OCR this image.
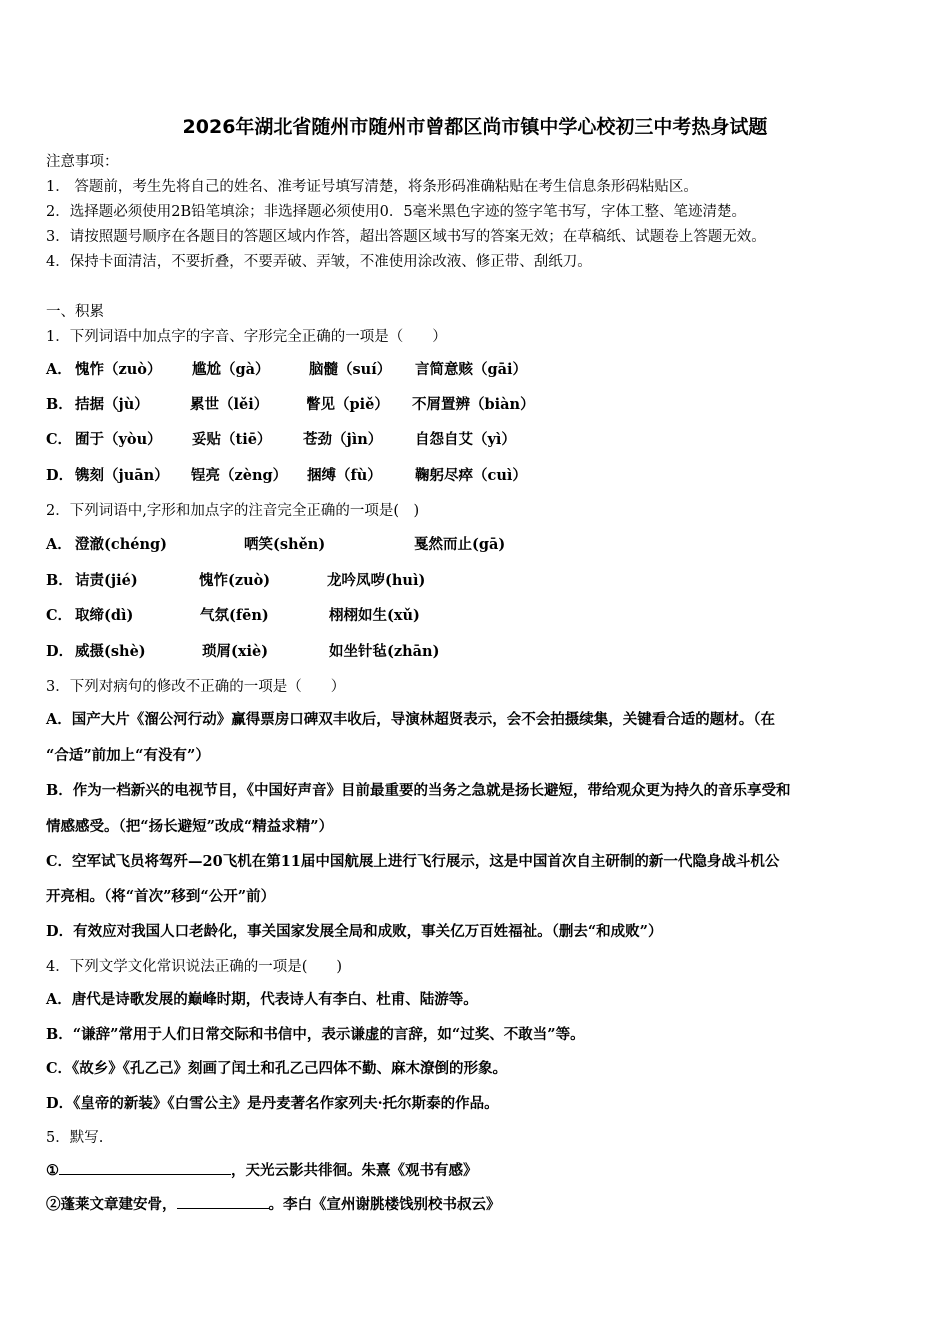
2026年湖北省随州市随州市曾都区尚市镇中学心校初三中考热身试题
注意事项：
1． 答题前，考生先将自己的姓名、准考证号填写清楚，将条形码准确粘贴在考生信息条形码粘贴区。
2．选择题必须使用2B铅笔填涂；非选择题必须使用0．5毫米黑色字迹的签字笔书写，字体工整、笔迹清楚。
3．请按照题号顺序在各题目的答题区域内作答，超出答题区域书写的答案无效；在草稿纸、试题卷上答题无效。
4．保持卡面清洁，不要折叠，不要弄破、弄皱，不准使用涂改液、修正带、刮纸刀。
一、积累
1．下列词语中加点字的字音、字形完全正确的一项是（　　）
A． 愧怍（zuò） 尴尬（gà）	脑髓（suí） 言简意赅（gāi）
B． 拮据（jù）	累世（lěi）	瞥见（piě） 不屑置辨（biàn）
C． 囿于（yòu） 妥贴（tiē） 苍劲（jìn） 自怨自艾（yì）
D． 镌刻（juān） 锃亮（zèng） 捆缚（fù） 鞠躬尽瘁（cuì）
2．下列词语中,字形和加点字的注音完全正确的一项是(　)
A． 澄澈(chéng)	哂笑(shěn)	戛然而止(gā)
B． 诘责(jié)	愧怍(zuò)	龙吟凤哕(huì)
C． 取缔(dì)	气氛(fēn)	栩栩如生(xǔ)
D． 威摄(shè)	琐屑(xiè)	如坐针毡(zhān)
3．下列对病句的修改不正确的一项是（　　）
A．国产大片《溜公河行动》赢得票房口碑双丰收后，导演林超贤表示，会不会拍摄续集，关键看合适的题材。（在
“合适”前加上“有没有”）
B．作为一档新兴的电视节目，《中国好声音》目前最重要的当务之急就是扬长避短，带给观众更为持久的音乐享受和
情感感受。（把“扬长避短”改成“精益求精”）
C．空军试飞员将驾歼—20飞机在第11届中国航展上进行飞行展示，这是中国首次自主研制的新一代隐身战斗机公
开亮相。（将“首次”移到“公开”前）
D．有效应对我国人口老龄化，事关国家发展全局和成败，事关亿万百姓福祉。（删去“和成败”）
4．下列文学文化常识说法正确的一项是(　　)
A．唐代是诗歌发展的巅峰时期，代表诗人有李白、杜甫、陆游等。
B．“谦辞”常用于人们日常交际和书信中，表示谦虚的言辞，如“过奖、不敢当”等。
C．《故乡》《孔乙己》刻画了闰土和孔乙己四体不勤、麻木潦倒的形象。
D．《皇帝的新装》《白雪公主》是丹麦著名作家列夫·托尔斯泰的作品。
5．默写.
①	，天光云影共徘徊。朱熹《观书有感》
②蓬莱文章建安骨，	。李白《宣州谢朓楼饯别校书叔云》
